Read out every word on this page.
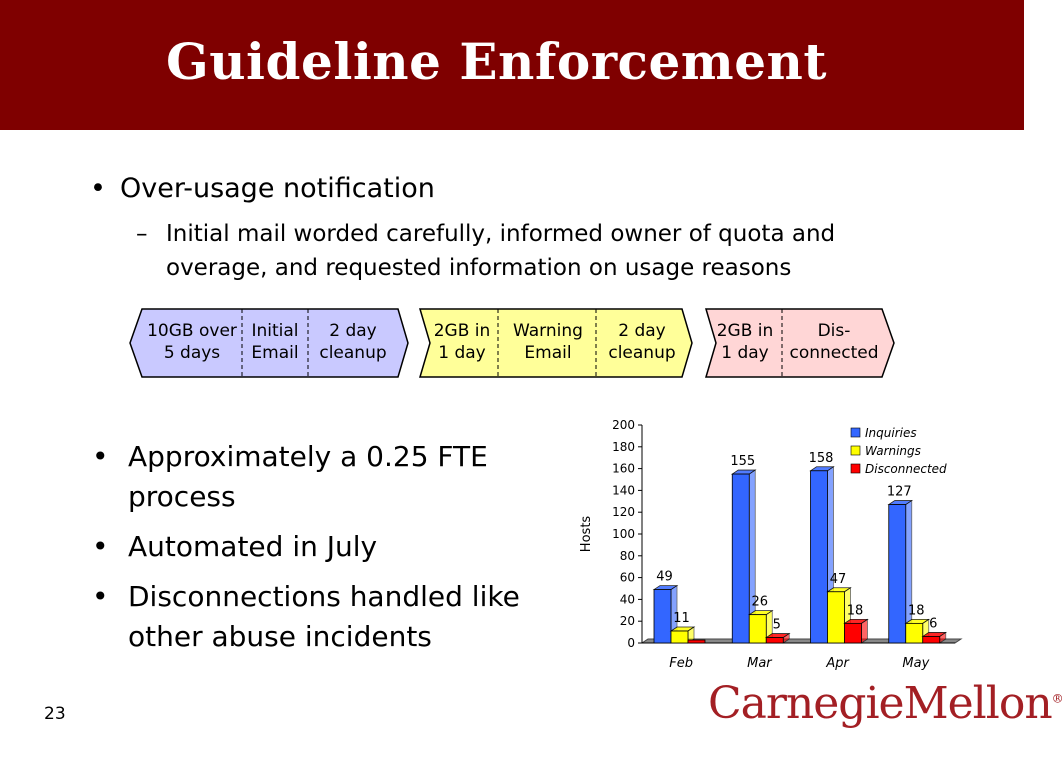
Guideline Enforcement
• Over-usage notification
– Initial mail worded carefully, informed owner of quota and overage, and requested information on usage reasons
10GB over
5 days
Initial
Email
2 day
cleanup
2GB in
1 day
Warning
Email
2 day
cleanup
2GB in
1 day
Dis-
connected
• Approximately a 0.25 FTE process
• Automated in July
• Disconnections handled like other abuse incidents	0
20
40
60
80
100
120
140
160
180
200
Hosts
49
11
Feb
155
26
5
Mar
158
47
18
Apr
127
18
6
May
Inquiries
Warnings
Disconnected
23	CarnegieMellon®
